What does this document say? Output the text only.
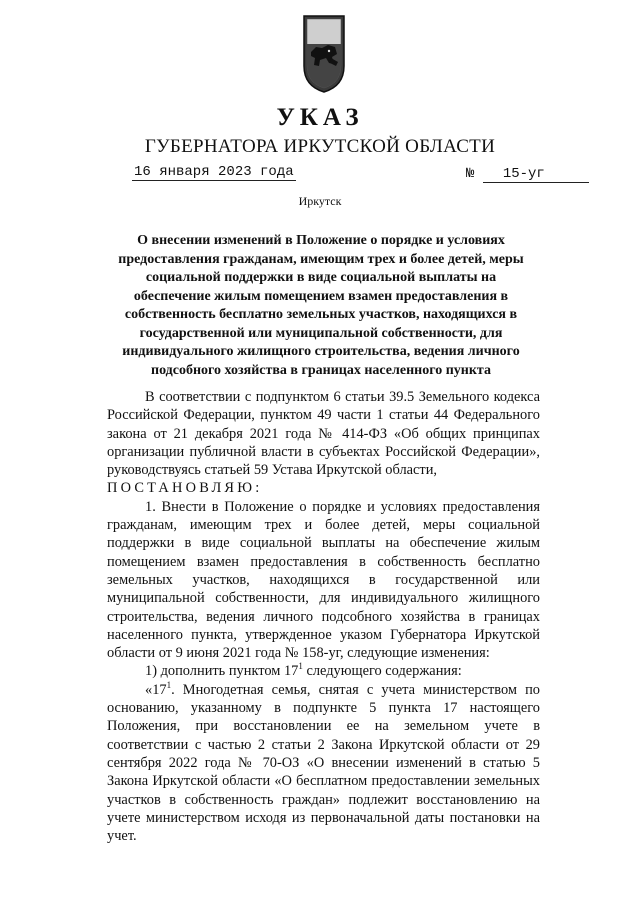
УКАЗ
ГУБЕРНАТОРА ИРКУТСКОЙ ОБЛАСТИ
16 января 2023 года	№ 15-уг
Иркутск
О внесении изменений в Положение о порядке и условиях предоставления гражданам, имеющим трех и более детей, меры социальной поддержки в виде социальной выплаты на обеспечение жилым помещением взамен предоставления в собственность бесплатно земельных участков, находящихся в государственной или муниципальной собственности, для индивидуального жилищного строительства, ведения личного подсобного хозяйства в границах населенного пункта

В соответствии с подпунктом 6 статьи 39.5 Земельного кодекса Российской Федерации, пунктом 49 части 1 статьи 44 Федерального закона от 21 декабря 2021 года № 414-ФЗ «Об общих принципах организации публичной власти в субъектах Российской Федерации», руководствуясь статьей 59 Устава Иркутской области,

ПОСТАНОВЛЯЮ:

1. Внести в Положение о порядке и условиях предоставления гражданам, имеющим трех и более детей, меры социальной поддержки в виде социальной выплаты на обеспечение жилым помещением взамен предоставления в собственность бесплатно земельных участков, находящихся в государственной или муниципальной собственности, для индивидуального жилищного строительства, ведения личного подсобного хозяйства в границах населенного пункта, утвержденное указом Губернатора Иркутской области от 9 июня 2021 года № 158-уг, следующие изменения:

1) дополнить пунктом $17^1$ следующего содержания:

«$17^1$. Многодетная семья, снятая с учета министерством по основанию, указанному в подпункте 5 пункта 17 настоящего Положения, при восстановлении ее на земельном учете в соответствии с частью 2 статьи 2 Закона Иркутской области от 29 сентября 2022 года № 70-ОЗ «О внесении изменений в статью 5 Закона Иркутской области «О бесплатном предоставлении земельных участков в собственность граждан» подлежит восстановлению на учете министерством исходя из первоначальной даты постановки на учет.
